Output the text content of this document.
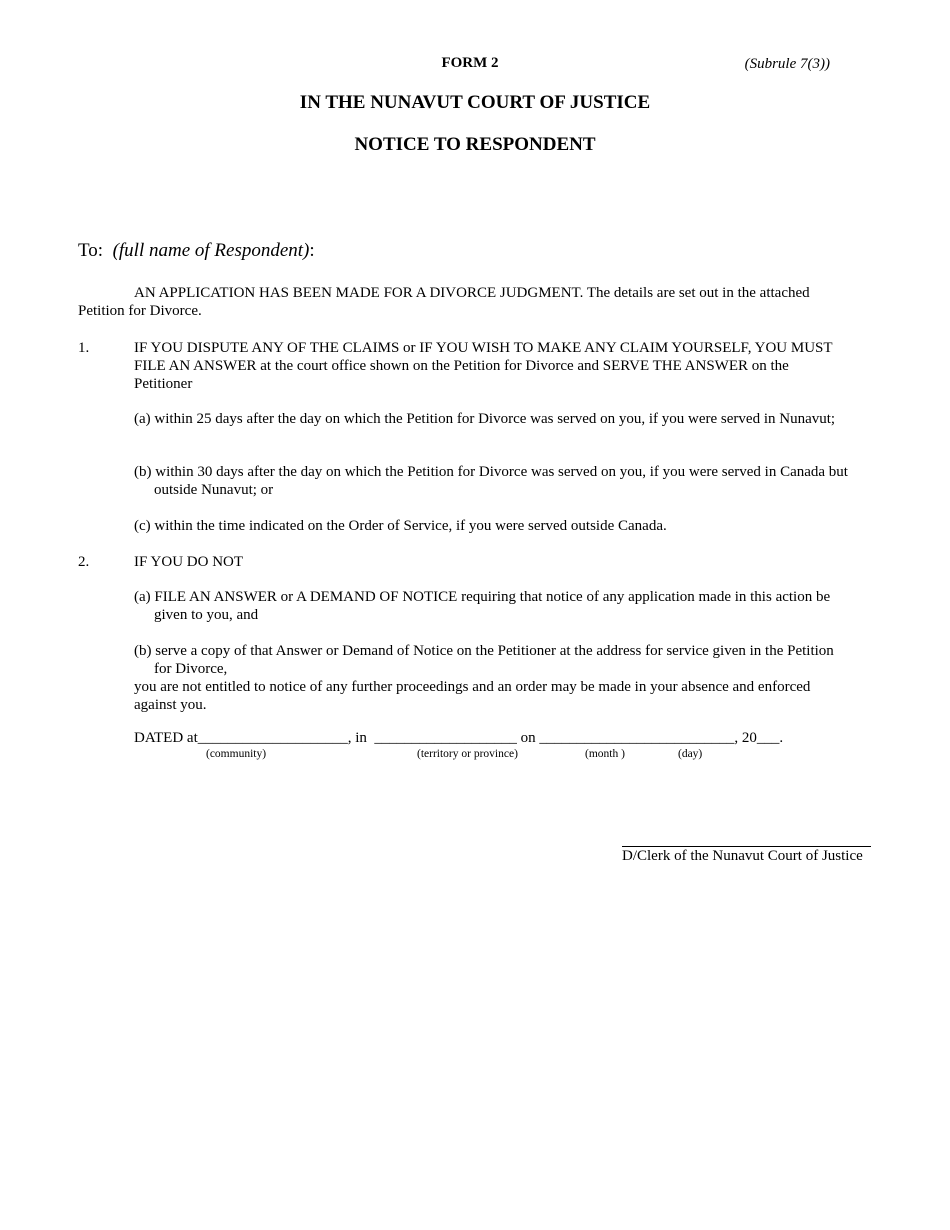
FORM 2	(Subrule 7(3))
IN THE NUNAVUT COURT OF JUSTICE
NOTICE TO RESPONDENT
To: (full name of Respondent):
AN APPLICATION HAS BEEN MADE FOR A DIVORCE JUDGMENT. The details are set out in the attached Petition for Divorce.
1.	IF YOU DISPUTE ANY OF THE CLAIMS or IF YOU WISH TO MAKE ANY CLAIM YOURSELF, YOU MUST FILE AN ANSWER at the court office shown on the Petition for Divorce and SERVE THE ANSWER on the Petitioner
(a) within 25 days after the day on which the Petition for Divorce was served on you, if you were served in Nunavut;
(b) within 30 days after the day on which the Petition for Divorce was served on you, if you were served in Canada but outside Nunavut; or
(c) within the time indicated on the Order of Service, if you were served outside Canada.
2.	IF YOU DO NOT
(a) FILE AN ANSWER or A DEMAND OF NOTICE requiring that notice of any application made in this action be given to you, and
(b) serve a copy of that Answer or Demand of Notice on the Petitioner at the address for service given in the Petition for Divorce,
you are not entitled to notice of any further proceedings and an order may be made in your absence and enforced against you.
DATED at____________________, in  ___________________ on __________________________, 20___.
(community)	(territory or province)	(month )	(day)
D/Clerk of the Nunavut Court of Justice
